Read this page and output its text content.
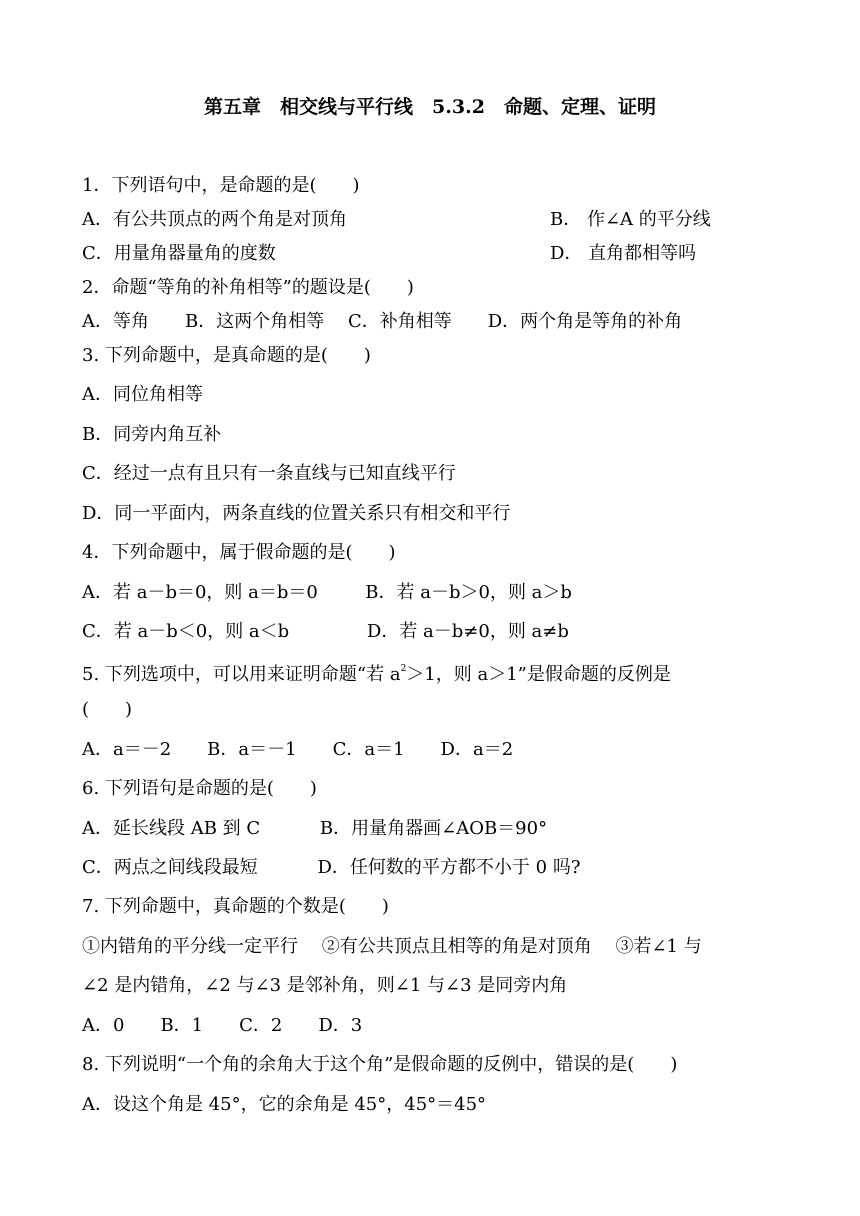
第五章　相交线与平行线　5.3.2　命题、定理、证明
1．下列语句中，是命题的是(　　)
A．有公共顶点的两个角是对顶角	B． 作∠A 的平分线
C．用量角器量角的度数	D． 直角都相等吗
2．命题“等角的补角相等”的题设是(　　)
A．等角　　B．这两个角相等　 C．补角相等　　D．两个角是等角的补角
3. 下列命题中，是真命题的是(　　)
A．同位角相等
B．同旁内角互补
C．经过一点有且只有一条直线与已知直线平行
D．同一平面内，两条直线的位置关系只有相交和平行
4．下列命题中，属于假命题的是(　　)
A．若 a－b＝0，则 a＝b＝0　　  B．若 a－b＞0，则 a＞b
C．若 a－b＜0，则 a＜b　　　　 D．若 a－b≠0，则 a≠b
5. 下列选项中，可以用来证明命题“若 $a^2>1$，则 a＞1”是假命题的反例是
(　　)
A．a＝－2　　B．a＝－1　　C．a＝1　　D．a＝2
6. 下列语句是命题的是(　　)
A．延长线段 AB 到 C　　　 B．用量角器画∠AOB＝90°
C．两点之间线段最短　　　 D．任何数的平方都不小于 0 吗?
7. 下列命题中，真命题的个数是(　　)
①内错角的平分线一定平行　 ②有公共顶点且相等的角是对顶角　 ③若∠1 与
∠2 是内错角，∠2 与∠3 是邻补角，则∠1 与∠3 是同旁内角
A．0　　B．1　　C．2　　D．3
8. 下列说明“一个角的余角大于这个角”是假命题的反例中，错误的是(　　)
A．设这个角是 45°，它的余角是 45°，45°＝45°
